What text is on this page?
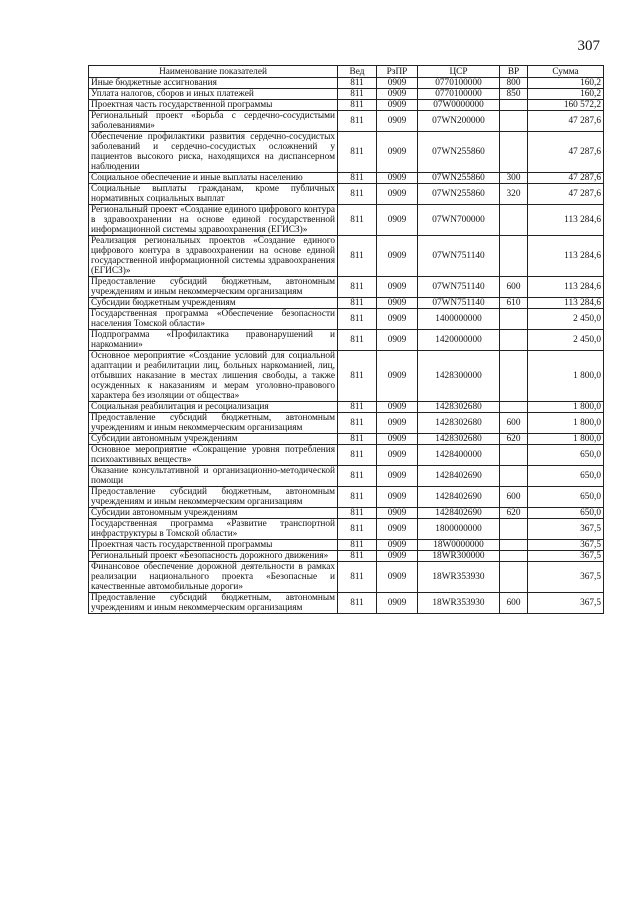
307
Наименование показателей	Вед	РзПР	ЦСР	ВР	Сумма
Иные бюджетные ассигнования	811	0909	0770100000	800	160,2
Уплата налогов, сборов и иных платежей	811	0909	0770100000	850	160,2
Проектная часть государственной программы	811	0909	07W0000000		160 572,2
Региональный проект «Борьба с сердечно-сосудистыми заболеваниями»	811	0909	07WN200000		47 287,6
Обеспечение профилактики развития сердечно-сосудистых заболеваний и сердечно-сосудистых осложнений у пациентов высокого риска, находящихся на диспансерном наблюдении	811	0909	07WN255860		47 287,6
Социальное обеспечение и иные выплаты населению	811	0909	07WN255860	300	47 287,6
Социальные выплаты гражданам, кроме публичных нормативных социальных выплат	811	0909	07WN255860	320	47 287,6
Региональный проект «Создание единого цифрового контура в здравоохранении на основе единой государственной информационной системы здравоохранения (ЕГИСЗ)»	811	0909	07WN700000		113 284,6
Реализация региональных проектов «Создание единого цифрового контура в здравоохранении на основе единой государственной информационной системы здравоохранения (ЕГИСЗ)»	811	0909	07WN751140		113 284,6
Предоставление субсидий бюджетным, автономным учреждениям и иным некоммерческим организациям	811	0909	07WN751140	600	113 284,6
Субсидии бюджетным учреждениям	811	0909	07WN751140	610	113 284,6
Государственная программа «Обеспечение безопасности населения Томской области»	811	0909	1400000000		2 450,0
Подпрограмма «Профилактика правонарушений и наркомании»	811	0909	1420000000		2 450,0
Основное мероприятие «Создание условий для социальной адаптации и реабилитации лиц, больных наркоманией, лиц, отбывших наказание в местах лишения свободы, а также осужденных к наказаниям и мерам уголовно-правового характера без изоляции от общества»	811	0909	1428300000		1 800,0
Социальная реабилитация и ресоциализация	811	0909	1428302680		1 800,0
Предоставление субсидий бюджетным, автономным учреждениям и иным некоммерческим организациям	811	0909	1428302680	600	1 800,0
Субсидии автономным учреждениям	811	0909	1428302680	620	1 800,0
Основное мероприятие «Сокращение уровня потребления психоактивных веществ»	811	0909	1428400000		650,0
Оказание консультативной и организационно-методической помощи	811	0909	1428402690		650,0
Предоставление субсидий бюджетным, автономным учреждениям и иным некоммерческим организациям	811	0909	1428402690	600	650,0
Субсидии автономным учреждениям	811	0909	1428402690	620	650,0
Государственная программа «Развитие транспортной инфраструктуры в Томской области»	811	0909	1800000000		367,5
Проектная часть государственной программы	811	0909	18W0000000		367,5
Региональный проект «Безопасность дорожного движения»	811	0909	18WR300000		367,5
Финансовое обеспечение дорожной деятельности в рамках реализации национального проекта «Безопасные и качественные автомобильные дороги»	811	0909	18WR353930		367,5
Предоставление субсидий бюджетным, автономным учреждениям и иным некоммерческим организациям	811	0909	18WR353930	600	367,5
